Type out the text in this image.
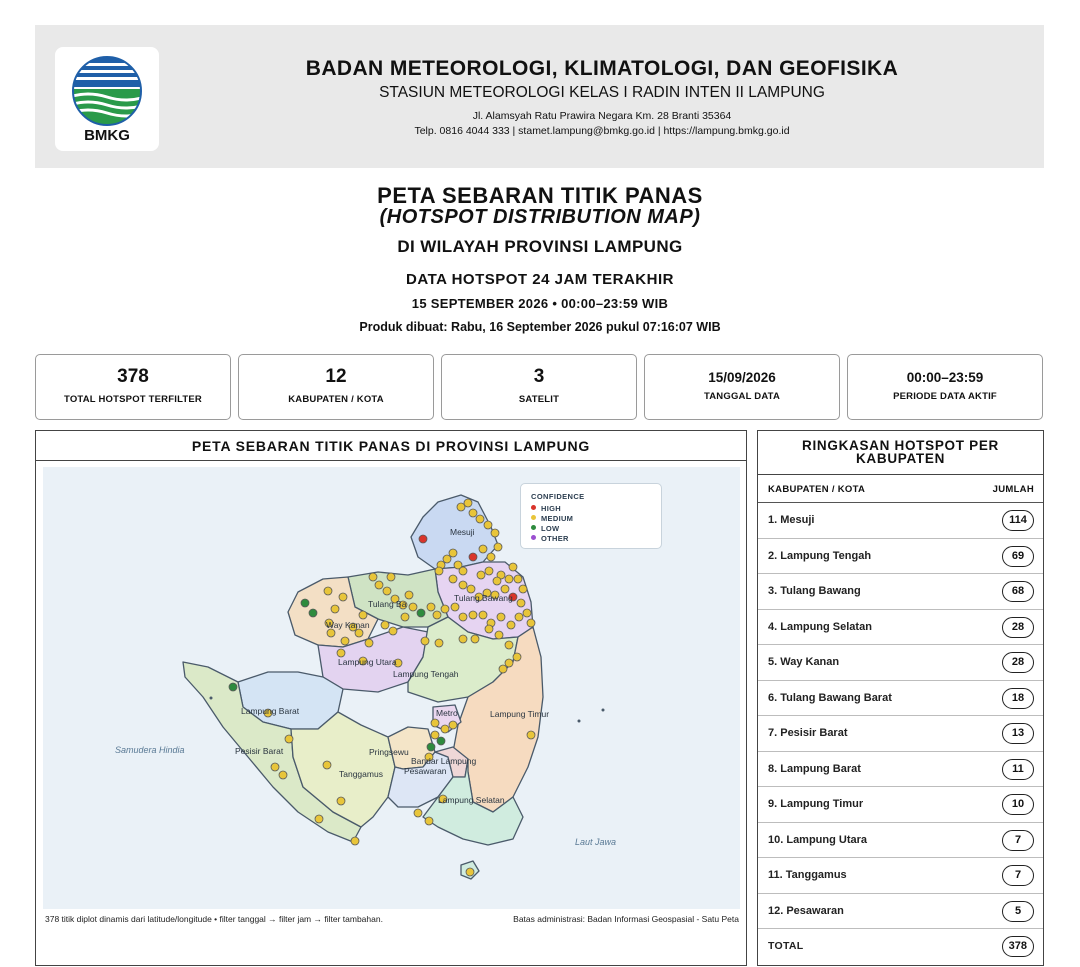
BMKG
BADAN METEOROLOGI, KLIMATOLOGI, DAN GEOFISIKA
STASIUN METEOROLOGI KELAS I RADIN INTEN II LAMPUNG
Jl. Alamsyah Ratu Prawira Negara Km. 28 Branti 35364
Telp. 0816 4044 333 | stamet.lampung@bmkg.go.id | https://lampung.bmkg.go.id
PETA SEBARAN TITIK PANAS
(HOTSPOT DISTRIBUTION MAP)
DI WILAYAH PROVINSI LAMPUNG
DATA HOTSPOT 24 JAM TERAKHIR
15 SEPTEMBER 2026 • 00:00–23:59 WIB
Produk dibuat: Rabu, 16 September 2026 pukul 07:16:07 WIB
378
TOTAL HOTSPOT TERFILTER
12
KABUPATEN / KOTA
3
SATELIT
15/09/2026
TANGGAL DATA
00:00–23:59
PERIODE DATA AKTIF
PETA SEBARAN TITIK PANAS DI PROVINSI LAMPUNG
Mesuji
Tulang Bawang
Tulang Ba
Way Kanan
Lampung Utara
Lampung Tengah
Lampung Barat	Lampung Timur
Metro
Pesisir Barat	Pringsewu
Bandar Lampung
Pesawaran
Tanggamus
Lampung Selatan
Samudera Hindia
Laut Jawa
CONFIDENCE
HIGH
MEDIUM
LOW
OTHER
378 titik diplot dinamis dari latitude/longitude • filter tanggal → filter jam → filter tambahan.	Batas administrasi: Badan Informasi Geospasial - Satu Peta
RINGKASAN HOTSPOT PER KABUPATEN
KABUPATEN / KOTA	JUMLAH
1. Mesuji	114
2. Lampung Tengah	69
3. Tulang Bawang	68
4. Lampung Selatan	28
5. Way Kanan	28
6. Tulang Bawang Barat	18
7. Pesisir Barat	13
8. Lampung Barat	11
9. Lampung Timur	10
10. Lampung Utara	7
11. Tanggamus	7
12. Pesawaran	5
TOTAL	378
